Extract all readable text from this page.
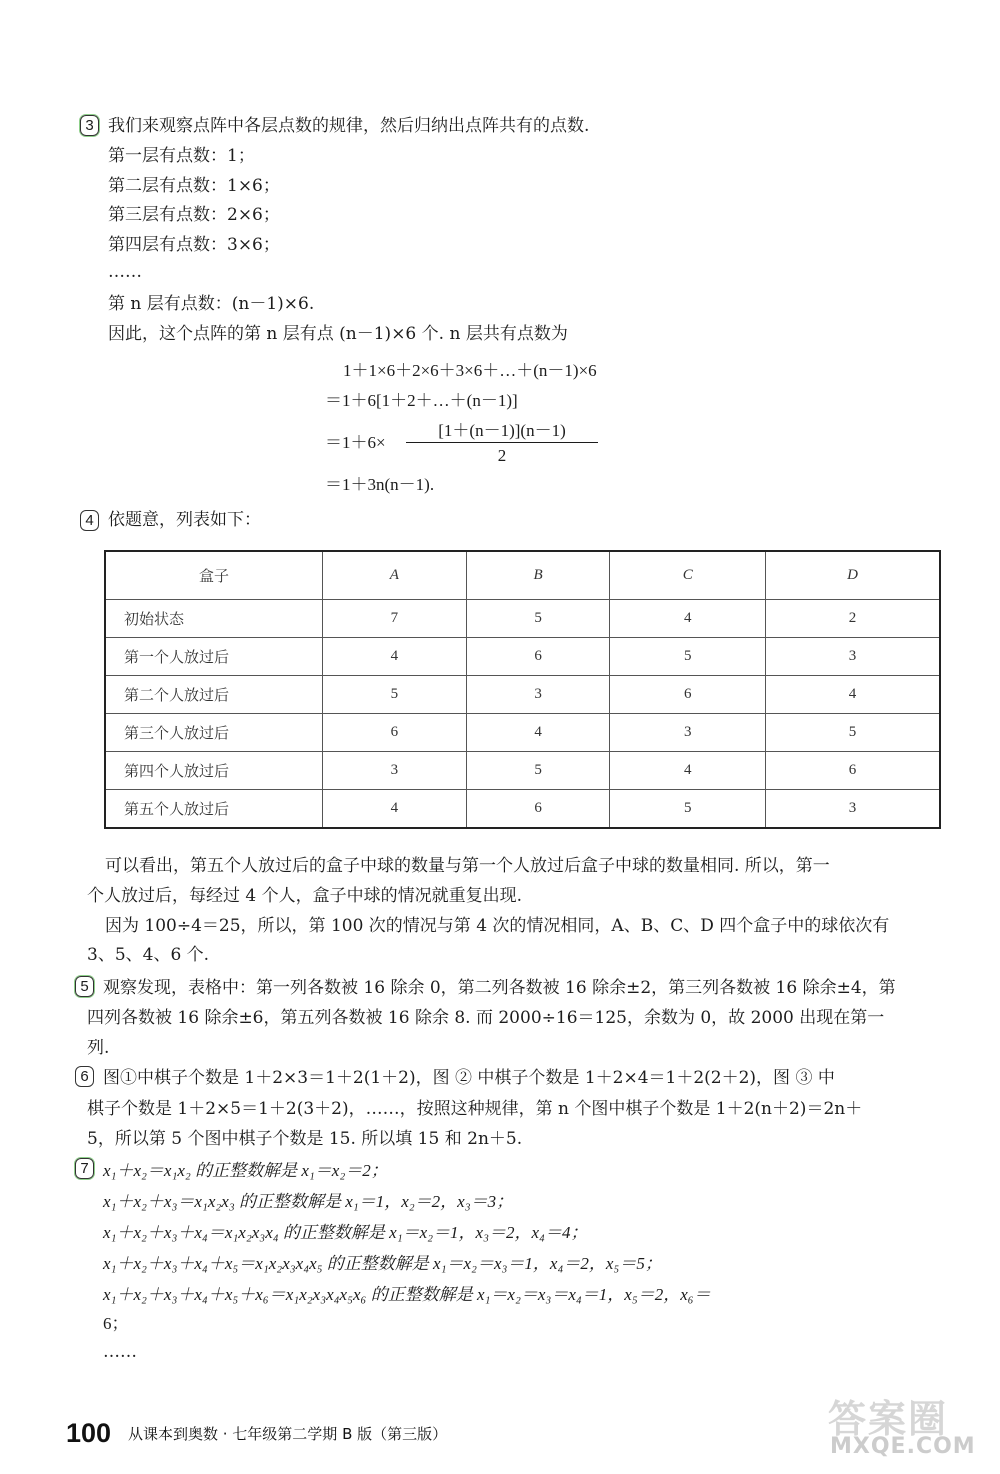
3 我们来观察点阵中各层点数的规律，然后归纳出点阵共有的点数.
第一层有点数：1；
第二层有点数：1×6；
第三层有点数：2×6；
第四层有点数：3×6；
……
第 n 层有点数：(n－1)×6.
因此，这个点阵的第 n 层有点 (n－1)×6 个. n 层共有点数为
1＋1×6＋2×6＋3×6＋…＋(n－1)×6
＝1＋6[1＋2＋…＋(n－1)]
＝1＋6×
[1＋(n－1)](n－1)
2
＝1＋3n(n－1).
4 依题意，列表如下：
盒子	A	B	C	D
初始状态	7	5	4	2
第一个人放过后	4	6	5	3
第二个人放过后	5	3	6	4
第三个人放过后	6	4	3	5
第四个人放过后	3	5	4	6
第五个人放过后	4	6	5	3
可以看出，第五个人放过后的盒子中球的数量与第一个人放过后盒子中球的数量相同. 所以，第一
个人放过后，每经过 4 个人，盒子中球的情况就重复出现.
因为 100÷4＝25，所以，第 100 次的情况与第 4 次的情况相同，A、B、C、D 四个盒子中的球依次有
3、5、4、6 个.
5 观察发现，表格中：第一列各数被 16 除余 0，第二列各数被 16 除余±2，第三列各数被 16 除余±4，第
四列各数被 16 除余±6，第五列各数被 16 除余 8. 而 2000÷16＝125，余数为 0，故 2000 出现在第一
列.
6 图①中棋子个数是 1＋2×3＝1＋2(1＋2)，图 ② 中棋子个数是 1＋2×4＝1＋2(2＋2)，图 ③ 中
棋子个数是 1＋2×5＝1＋2(3＋2)，……，按照这种规律，第 n 个图中棋子个数是 1＋2(n＋2)＝2n＋
5，所以第 5 个图中棋子个数是 15. 所以填 15 和 2n＋5.
7 x₁＋x₂＝x₁x₂ 的正整数解是 x₁＝x₂＝2；
x₁＋x₂＋x₃＝x₁x₂x₃ 的正整数解是 x₁＝1，x₂＝2，x₃＝3；
x₁＋x₂＋x₃＋x₄＝x₁x₂x₃x₄ 的正整数解是 x₁＝x₂＝1，x₃＝2，x₄＝4；
x₁＋x₂＋x₃＋x₄＋x₅＝x₁x₂x₃x₄x₅ 的正整数解是 x₁＝x₂＝x₃＝1，x₄＝2，x₅＝5；
x₁＋x₂＋x₃＋x₄＋x₅＋x₆＝x₁x₂x₃x₄x₅x₆ 的正整数解是 x₁＝x₂＝x₃＝x₄＝1，x₅＝2，x₆＝
6；
……
100 从课本到奥数 · 七年级第二学期 B 版（第三版）	答案圈
MXQE.COM
